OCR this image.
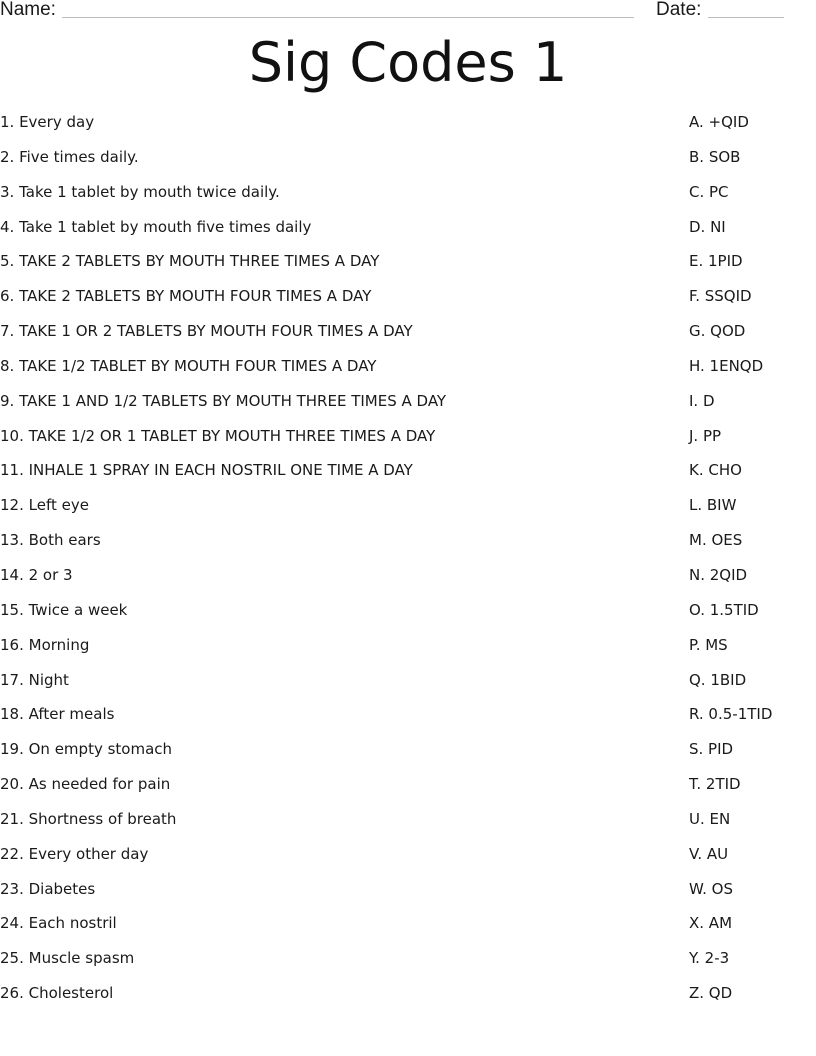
Name:	Date:
Sig Codes 1
1. Every day
2. Five times daily.
3. Take 1 tablet by mouth twice daily.
4. Take 1 tablet by mouth five times daily
5. TAKE 2 TABLETS BY MOUTH THREE TIMES A DAY
6. TAKE 2 TABLETS BY MOUTH FOUR TIMES A DAY
7. TAKE 1 OR 2 TABLETS BY MOUTH FOUR TIMES A DAY
8. TAKE 1/2 TABLET BY MOUTH FOUR TIMES A DAY
9. TAKE 1 AND 1/2 TABLETS BY MOUTH THREE TIMES A DAY
10. TAKE 1/2 OR 1 TABLET BY MOUTH THREE TIMES A DAY
11. INHALE 1 SPRAY IN EACH NOSTRIL ONE TIME A DAY
12. Left eye
13. Both ears
14. 2 or 3
15. Twice a week
16. Morning
17. Night
18. After meals
19. On empty stomach
20. As needed for pain
21. Shortness of breath
22. Every other day
23. Diabetes
24. Each nostril
25. Muscle spasm
26. Cholesterol
A. +QID
B. SOB
C. PC
D. NI
E. 1PID
F. SSQID
G. QOD
H. 1ENQD
I. D
J. PP
K. CHO
L. BIW
M. OES
N. 2QID
O. 1.5TID
P. MS
Q. 1BID
R. 0.5-1TID
S. PID
T. 2TID
U. EN
V. AU
W. OS
X. AM
Y. 2-3
Z. QD
